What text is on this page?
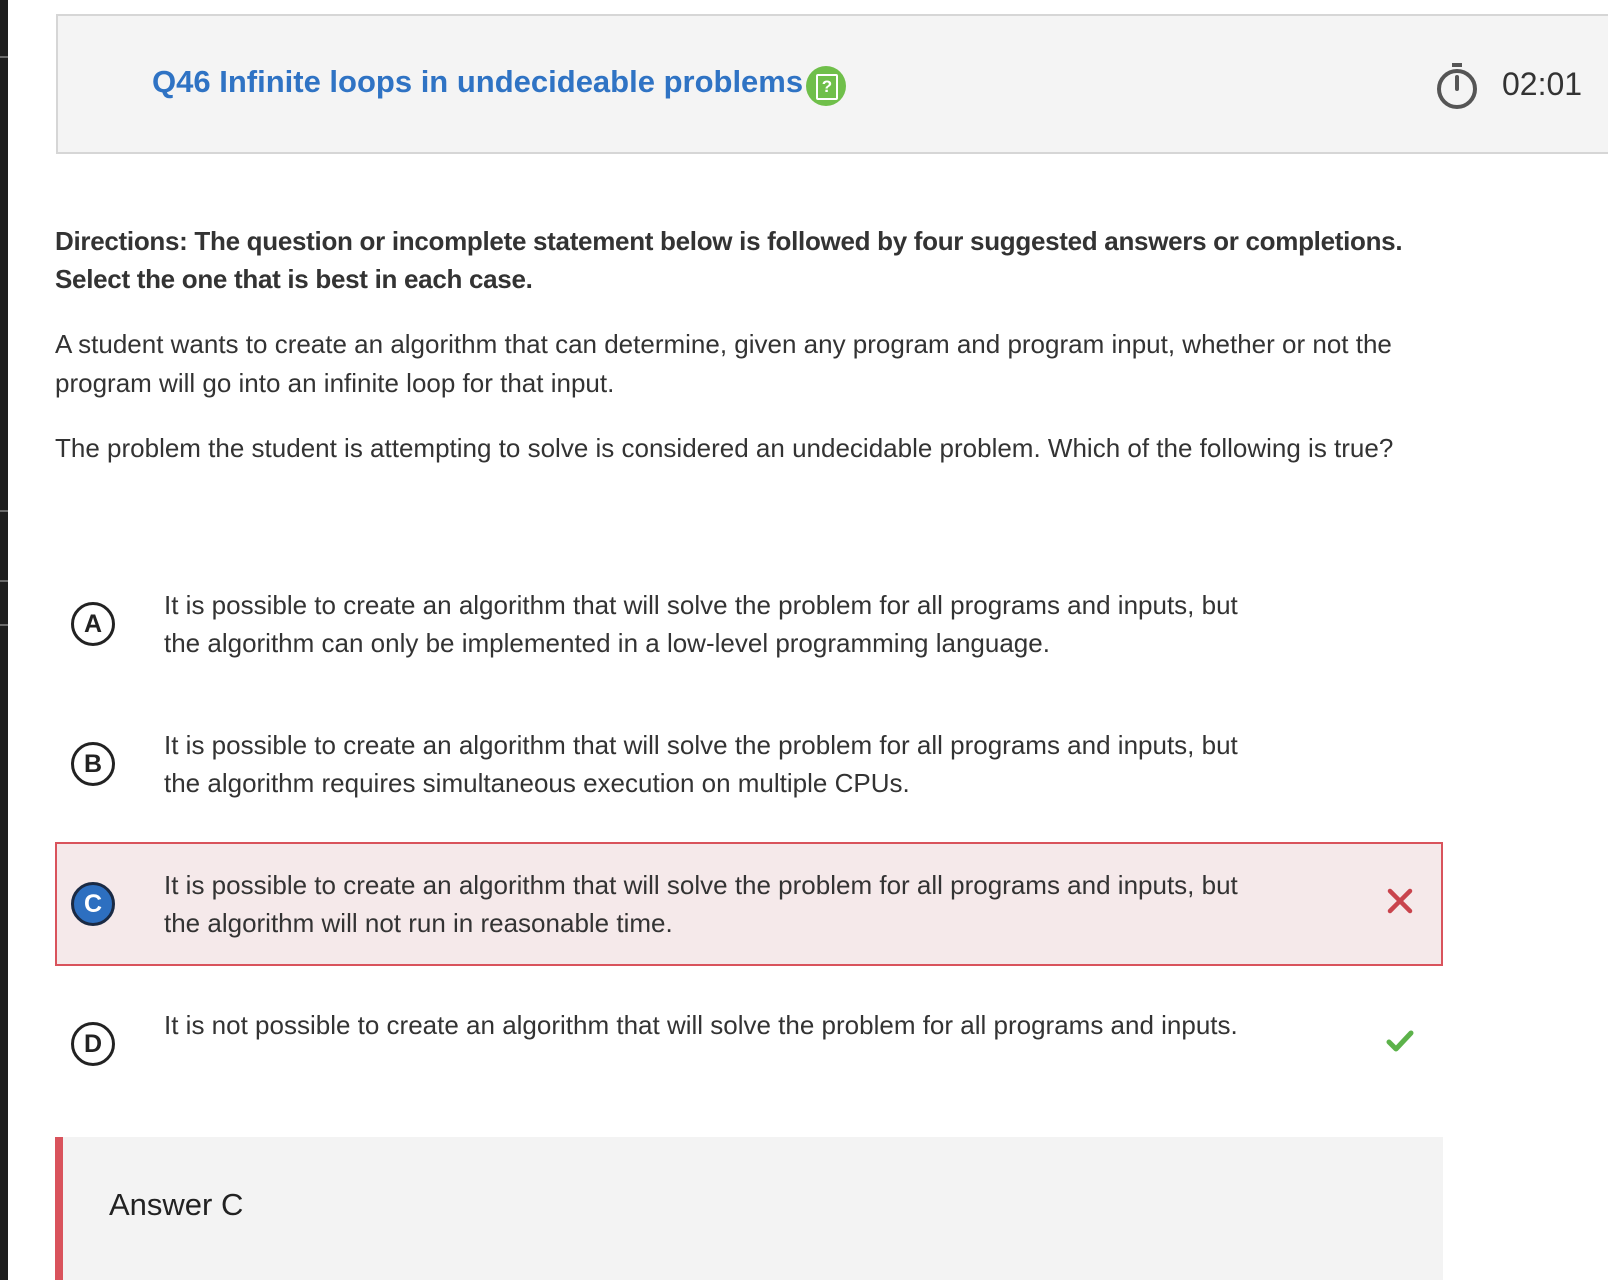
Q46 Infinite loops in undecideable problems	?	02:01
Directions: The question or incomplete statement below is followed by four suggested answers or completions. Select the one that is best in each case.
A student wants to create an algorithm that can determine, given any program and program input, whether or not the program will go into an infinite loop for that input.
The problem the student is attempting to solve is considered an undecidable problem. Which of the following is true?
A
It is possible to create an algorithm that will solve the problem for all programs and inputs, but the algorithm can only be implemented in a low-level programming language.
B
It is possible to create an algorithm that will solve the problem for all programs and inputs, but the algorithm requires simultaneous execution on multiple CPUs.
C
It is possible to create an algorithm that will solve the problem for all programs and inputs, but the algorithm will not run in reasonable time.
D
It is not possible to create an algorithm that will solve the problem for all programs and inputs.
Answer C
